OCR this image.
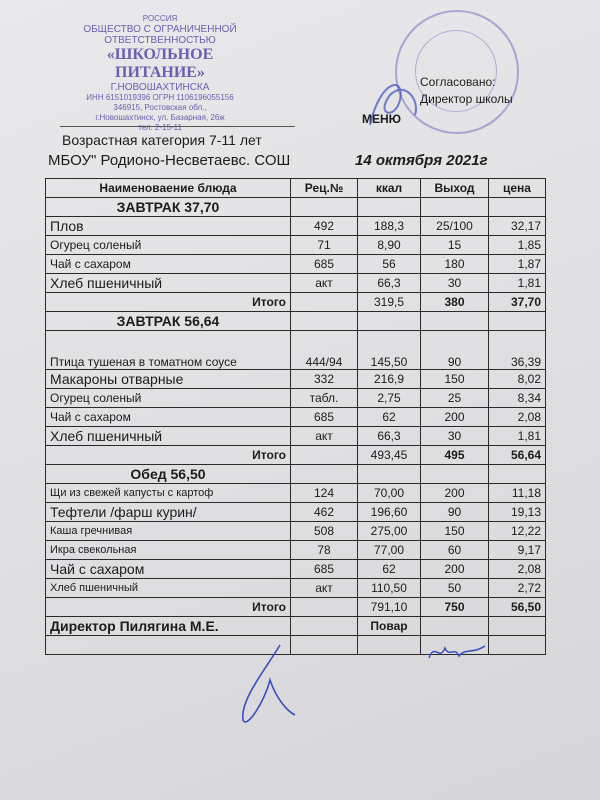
РОССИЯ
ОБЩЕСТВО С ОГРАНИЧЕННОЙ
ОТВЕТСТВЕННОСТЬЮ
«ШКОЛЬНОЕ ПИТАНИЕ»
Г.НОВОШАХТИНСКА
ИНН 6151019396 ОГРН 1106196055156
346915, Ростовская обл.,
г.Новошахтинск, ул. Базарная, 26ж
тел. 2-15-11
Согласовано:
Директор школы
МЕНЮ
Возрастная категория 7-11 лет
МБОУ" Родионо-Несветаевс. СОШ	14 октября 2021г
Наименоваение блюда	Рец.№	ккал	Выход	цена
ЗАВТРАК 37,70				
Плов	492	188,3	25/100	32,17
Огурец соленый	71	8,90	15	1,85
Чай с сахаром	685	56	180	1,87
Хлеб пшеничный	акт	66,3	30	1,81
Итого		319,5	380	37,70
ЗАВТРАК 56,64				
Птица тушеная в томатном соусе	444/94	145,50	90	36,39
Макароны отварные	332	216,9	150	8,02
Огурец соленый	табл.	2,75	25	8,34
Чай с сахаром	685	62	200	2,08
Хлеб пшеничный	акт	66,3	30	1,81
Итого		493,45	495	56,64
Обед 56,50				
Щи из свежей капусты с картоф	124	70,00	200	11,18
Тефтели /фарш курин/	462	196,60	90	19,13
Каша гречнивая	508	275,00	150	12,22
Икра свекольная	78	77,00	60	9,17
Чай с сахаром	685	62	200	2,08
Хлеб пшеничный	акт	110,50	50	2,72
Итого		791,10	750	56,50
Директор Пилягина М.Е.		Повар		
